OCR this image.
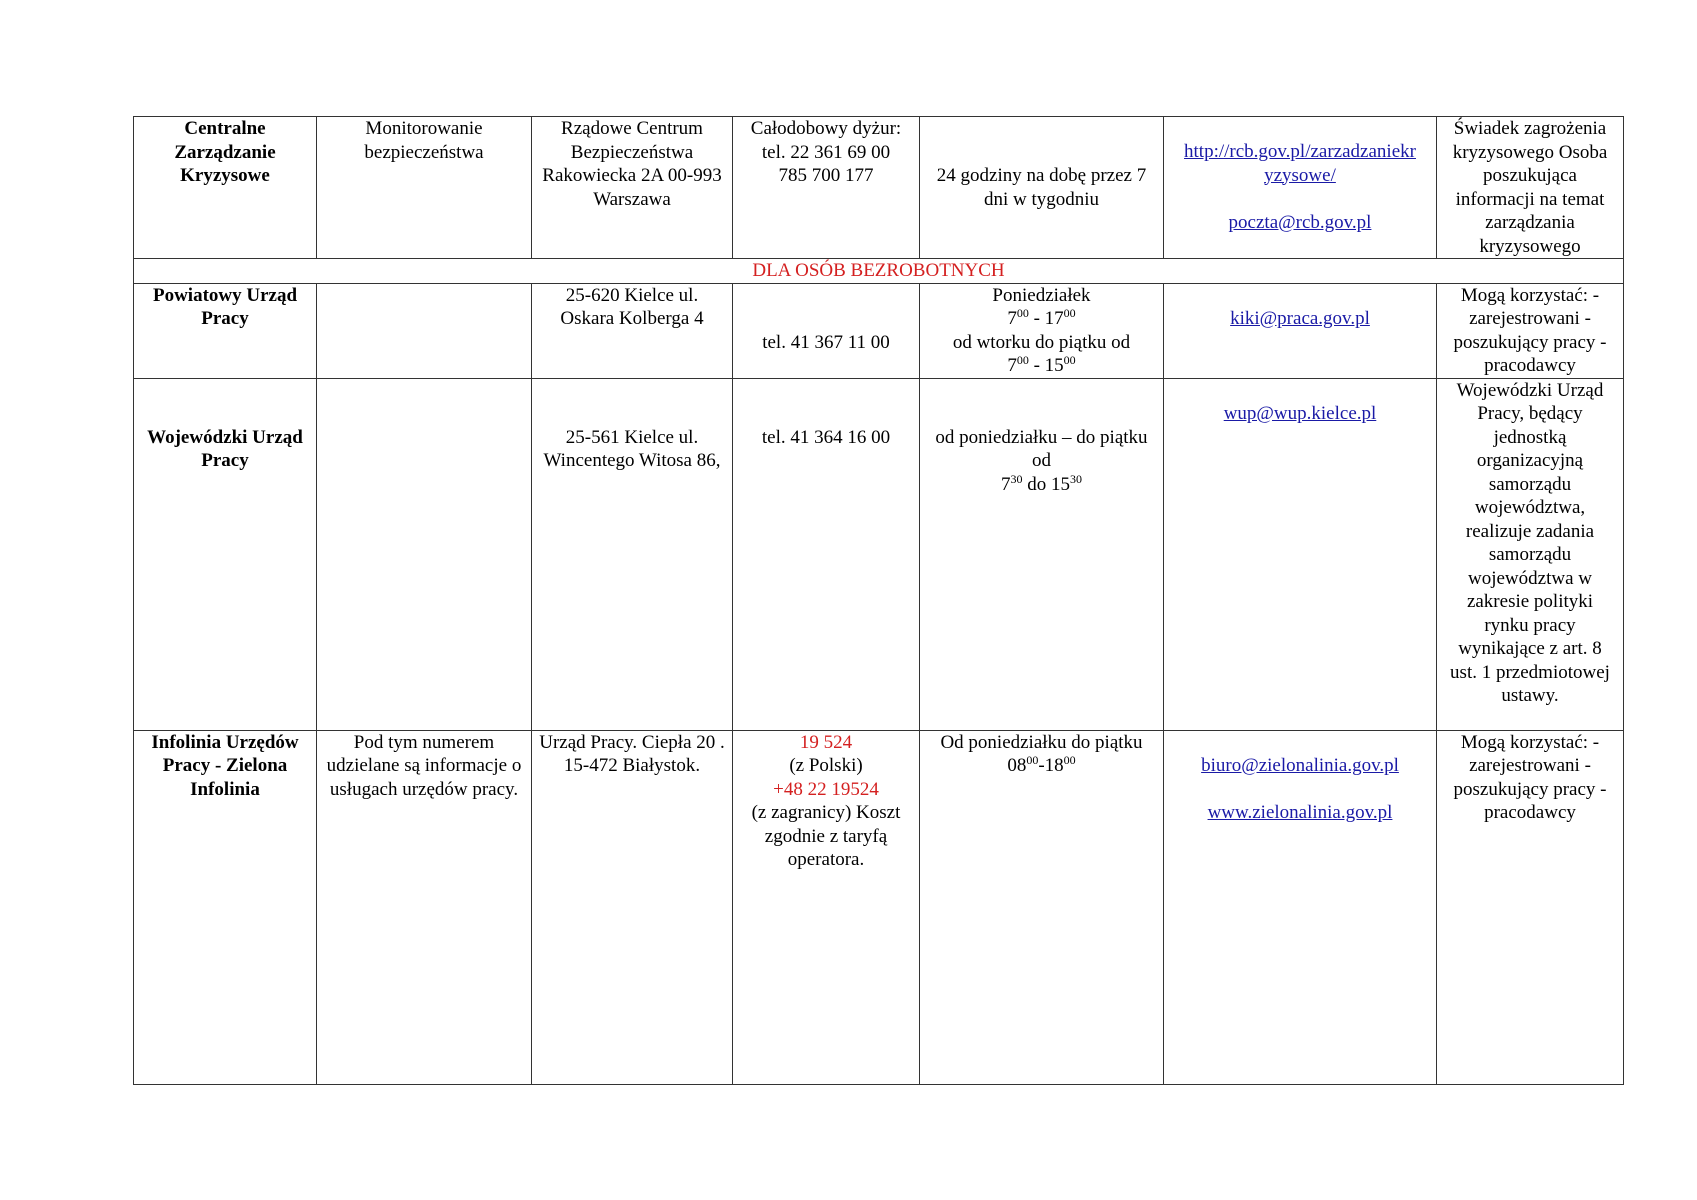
Centralne Zarządzanie Kryzysowe	Monitorowanie bezpieczeństwa	Rządowe Centrum Bezpieczeństwa Rakowiecka 2A 00-993 Warszawa	Całodobowy dyżur:
tel. 22 361 69 00
785 700 177	24 godziny na dobę przez 7 dni w tygodniu	http://rcb.gov.pl/zarzadzaniekr yzysowe/
poczta@rcb.gov.pl	Świadek zagrożenia kryzysowego Osoba poszukująca informacji na temat zarządzania kryzysowego
DLA OSÓB BEZROBOTNYCH						
Powiatowy Urząd Pracy		25-620 Kielce ul. Oskara Kolberga 4	tel. 41 367 11 00	Poniedziałek
$7^{00} - 17^{00}$
od wtorku do piątku od
$7^{00} - 15^{00}$	kiki@praca.gov.pl	Mogą korzystać: - zarejestrowani - poszukujący pracy - pracodawcy
Wojewódzki Urząd Pracy		25-561 Kielce ul. Wincentego Witosa 86,	tel. 41 364 16 00	od poniedziałku – do piątku od
$7^{30}$ do $15^{30}$	wup@wup.kielce.pl	Wojewódzki Urząd Pracy, będący jednostką organizacyjną samorządu województwa, realizuje zadania samorządu województwa w zakresie polityki rynku pracy wynikające z art. 8 ust. 1 przedmiotowej ustawy.
Infolinia Urzędów Pracy - Zielona Infolinia	Pod tym numerem udzielane są informacje o usługach urzędów pracy.	Urząd Pracy. Ciepła 20 . 15-472 Białystok.	19 524
(z Polski)
+48 22 19524
(z zagranicy) Koszt zgodnie z taryfą operatora.	Od poniedziałku do piątku
$08^{00}-18^{00}$	biuro@zielonalinia.gov.pl
www.zielonalinia.gov.pl	Mogą korzystać: - zarejestrowani - poszukujący pracy - pracodawcy
